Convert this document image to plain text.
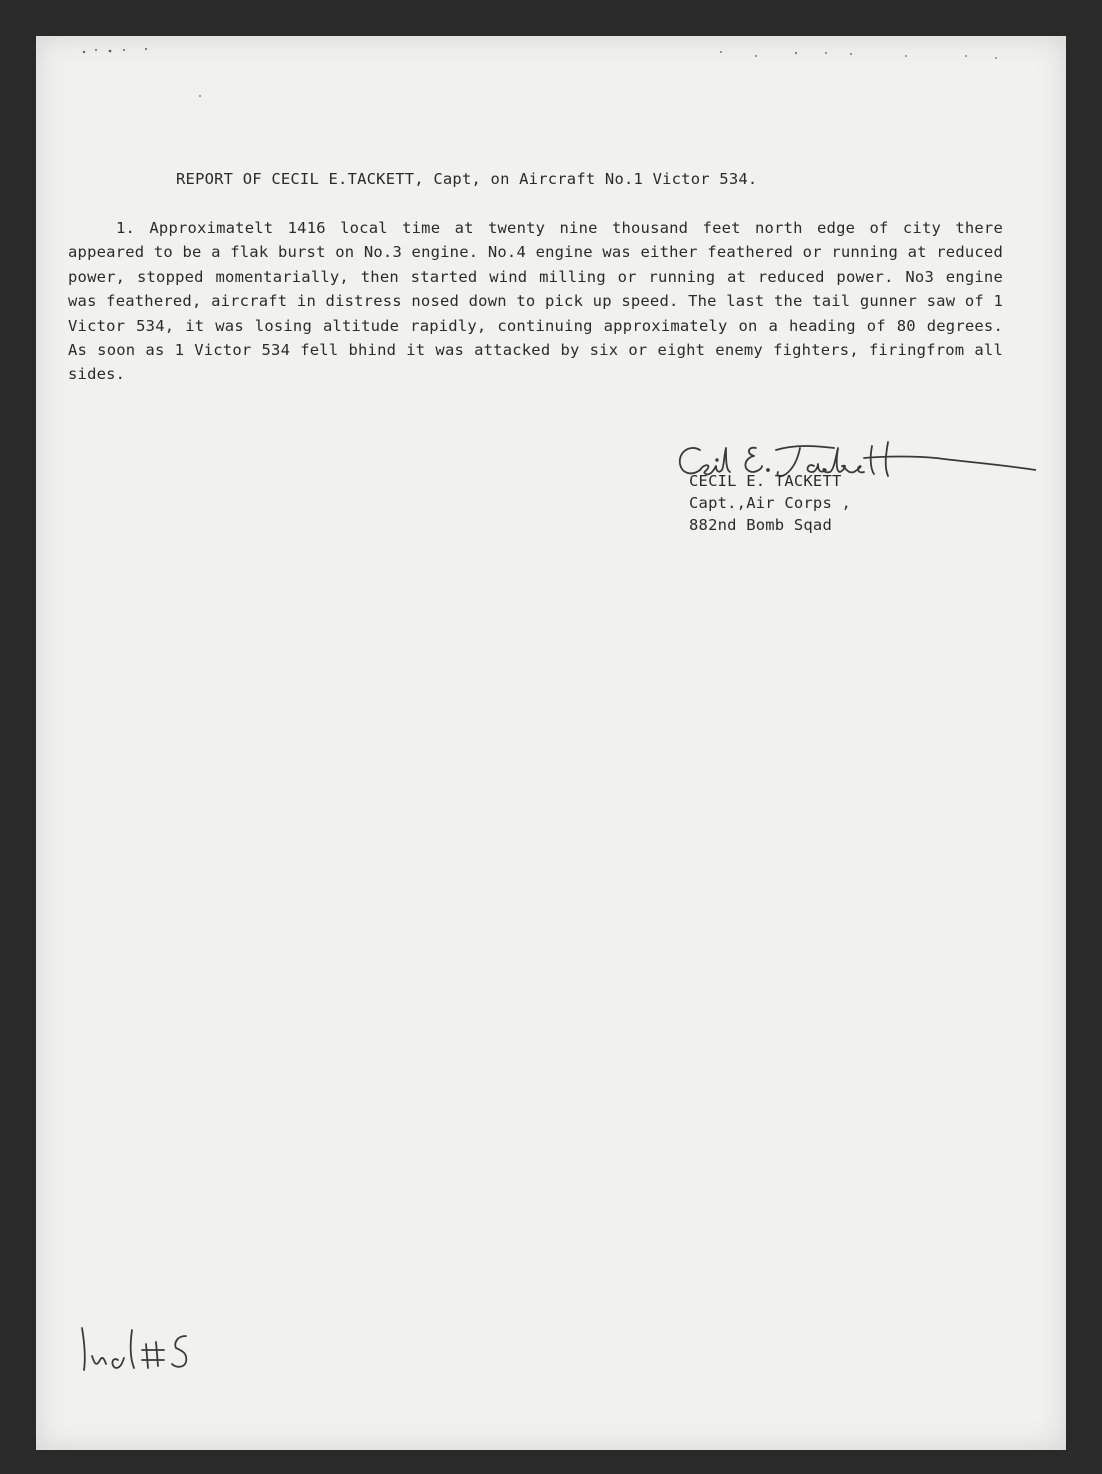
REPORT OF CECIL E.TACKETT, Capt, on Aircraft No.1 Victor 534.
1. Approximatelt 1416 local time at twenty nine thousand feet north edge of city there appeared to be a flak burst on No.3 engine. No.4 engine was either feathered or running at reduced power, stopped momentarially, then started wind milling or running at reduced power. No3 engine was feathered, aircraft in distress nosed down to pick up speed. The last the tail gunner saw of 1 Victor 534, it was losing altitude rapidly, continuing approximately on a heading of 80 degrees. As soon as 1 Victor 534 fell bhind it was attacked by six or eight enemy fighters, firingfrom all sides.
CECIL E. TACKETT
Capt.,Air Corps ,
882nd Bomb Sqad
